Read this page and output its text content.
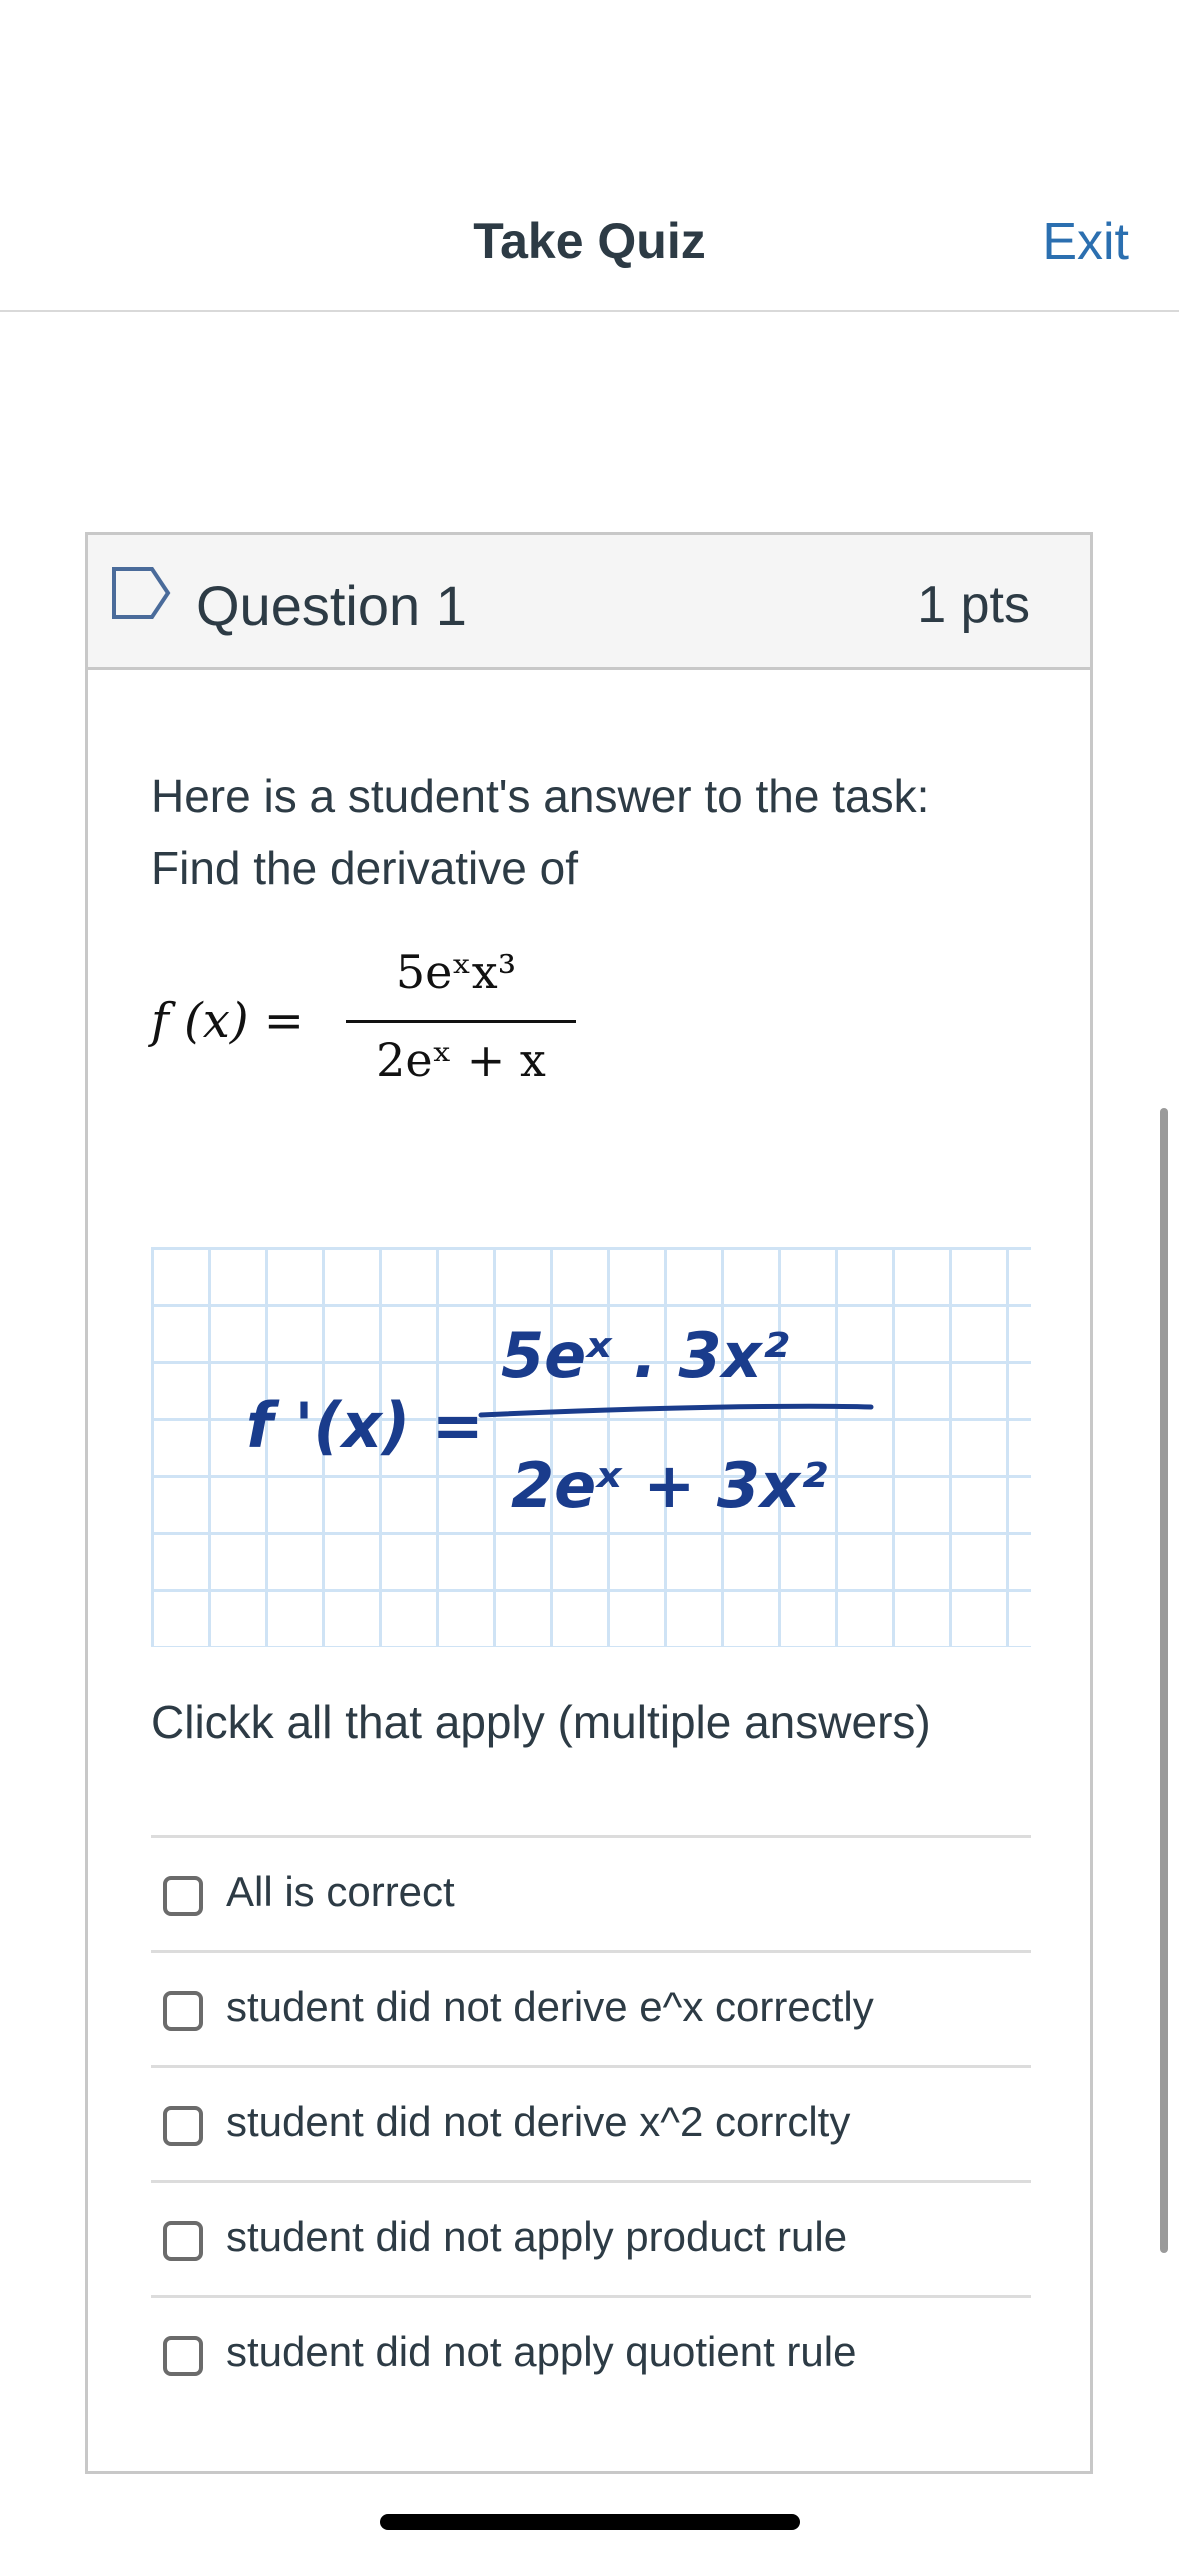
Take Quiz	Exit
Question 1	1 pts
Here is a student's answer to the task:
Find the derivative of
f (x) =
5eˣx³
2eˣ + x
f '(x) =
5eˣ . 3x²
2eˣ + 3x²
Clickk all that apply (multiple answers)
All is correct
student did not derive e^x correctly
student did not derive x^2 corrclty
student did not apply product rule
student did not apply quotient rule
